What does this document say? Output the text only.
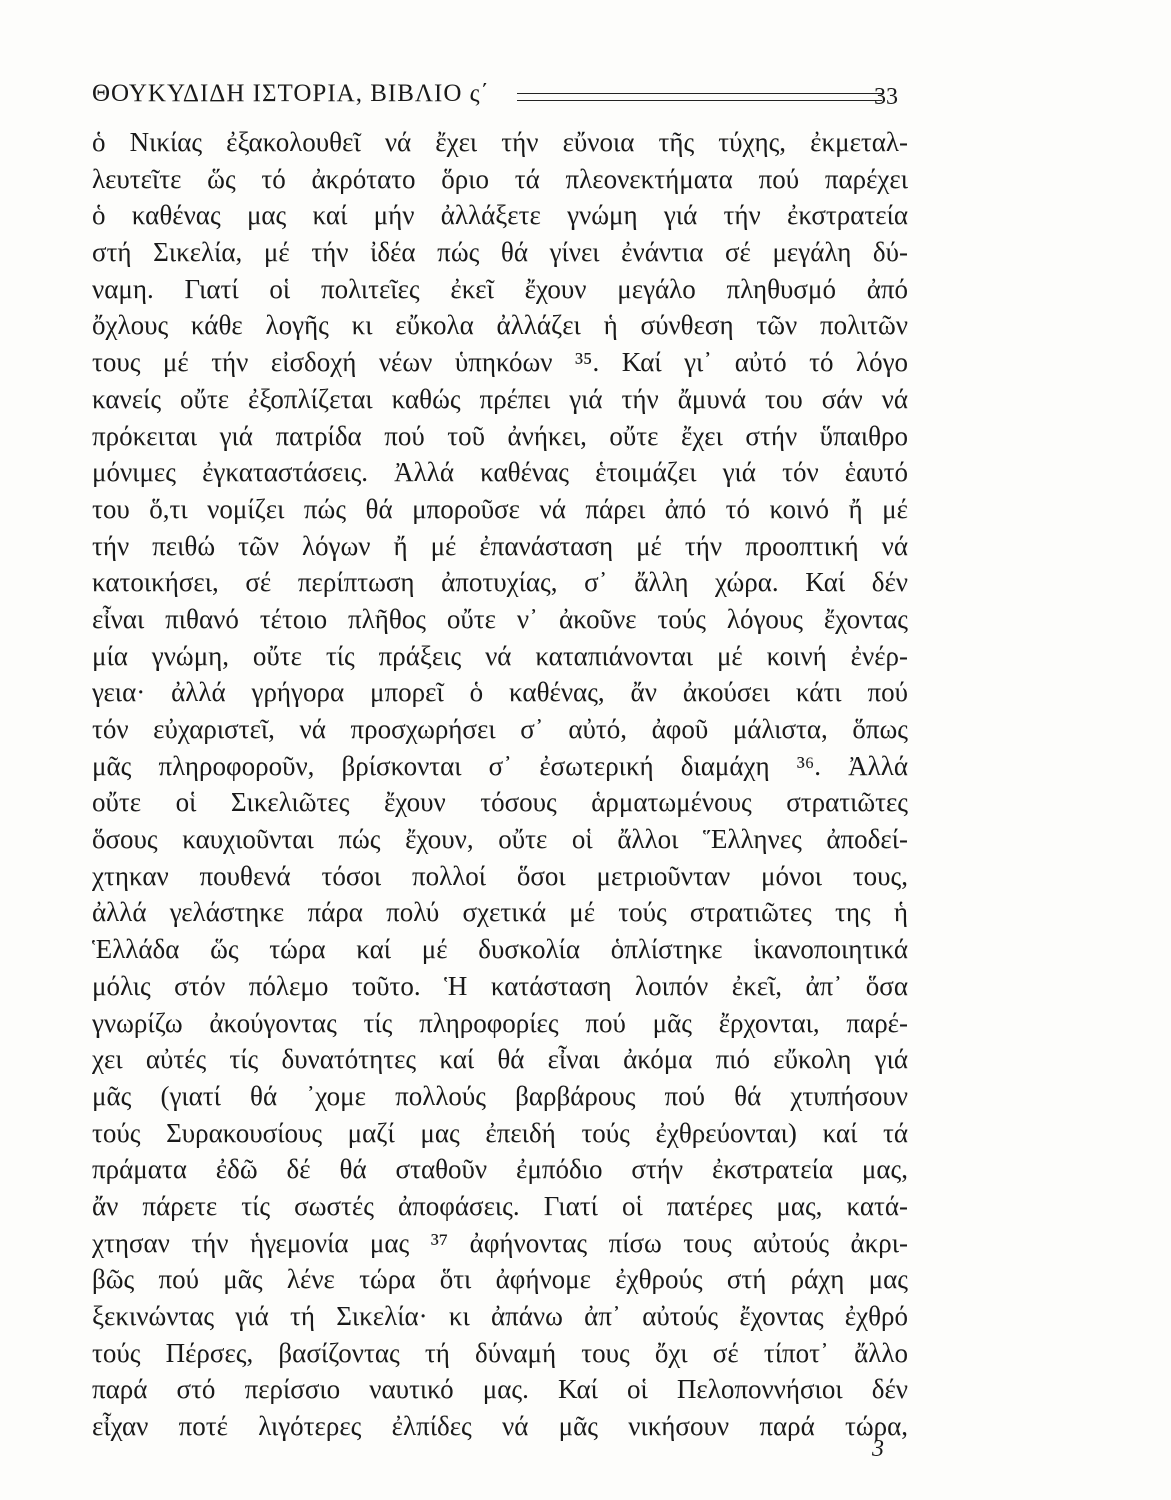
ΘΟΥΚΥΔΙΔΗ ΙΣΤΟΡΙΑ, ΒΙΒΛΙΟ ς΄	33
ὁ Νικίας ἐξακολουθεῖ νά ἔχει τήν εὔνοια τῆς τύχης, ἐκμεταλ-
λευτεῖτε ὥς τό ἀκρότατο ὅριο τά πλεονεκτήματα πού παρέχει
ὁ καθένας μας καί μήν ἀλλάξετε γνώμη γιά τήν ἐκστρατεία
στή Σικελία, μέ τήν ἰδέα πώς θά γίνει ἐνάντια σέ μεγάλη δύ-
ναμη. Γιατί οἱ πολιτεῖες ἐκεῖ ἔχουν μεγάλο πληθυσμό ἀπό
ὄχλους κάθε λογῆς κι εὔκολα ἀλλάζει ἡ σύνθεση τῶν πολιτῶν
τους μέ τήν εἰσδοχή νέων ὑπηκόων ³⁵. Καί γι᾽ αὐτό τό λόγο
κανείς οὔτε ἐξοπλίζεται καθώς πρέπει γιά τήν ἄμυνά του σάν νά
πρόκειται γιά πατρίδα πού τοῦ ἀνήκει, οὔτε ἔχει στήν ὕπαιθρο
μόνιμες ἐγκαταστάσεις. Ἀλλά καθένας ἑτοιμάζει γιά τόν ἑαυτό
του ὅ,τι νομίζει πώς θά μποροῦσε νά πάρει ἀπό τό κοινό ἤ μέ
τήν πειθώ τῶν λόγων ἤ μέ ἐπανάσταση μέ τήν προοπτική νά
κατοικήσει, σέ περίπτωση ἀποτυχίας, σ᾽ ἄλλη χώρα. Καί δέν
εἶναι πιθανό τέτοιο πλῆθος οὔτε ν᾽ ἀκοῦνε τούς λόγους ἔχοντας
μία γνώμη, οὔτε τίς πράξεις νά καταπιάνονται μέ κοινή ἐνέρ-
γεια· ἀλλά γρήγορα μπορεῖ ὁ καθένας, ἄν ἀκούσει κάτι πού
τόν εὐχαριστεῖ, νά προσχωρήσει σ᾽ αὐτό, ἀφοῦ μάλιστα, ὅπως
μᾶς πληροφοροῦν, βρίσκονται σ᾽ ἐσωτερική διαμάχη ³⁶. Ἀλλά
οὔτε οἱ Σικελιῶτες ἔχουν τόσους ἁρματωμένους στρατιῶτες
ὅσους καυχιοῦνται πώς ἔχουν, οὔτε οἱ ἄλλοι Ἕλληνες ἀποδεί-
χτηκαν πουθενά τόσοι πολλοί ὅσοι μετριοῦνταν μόνοι τους,
ἀλλά γελάστηκε πάρα πολύ σχετικά μέ τούς στρατιῶτες της ἡ
Ἑλλάδα ὥς τώρα καί μέ δυσκολία ὁπλίστηκε ἱκανοποιητικά
μόλις στόν πόλεμο τοῦτο. Ἡ κατάσταση λοιπόν ἐκεῖ, ἀπ᾽ ὅσα
γνωρίζω ἀκούγοντας τίς πληροφορίες πού μᾶς ἔρχονται, παρέ-
χει αὐτές τίς δυνατότητες καί θά εἶναι ἀκόμα πιό εὔκολη γιά
μᾶς (γιατί θά ᾽χομε πολλούς βαρβάρους πού θά χτυπήσουν
τούς Συρακουσίους μαζί μας ἐπειδή τούς ἐχθρεύονται) καί τά
πράματα ἐδῶ δέ θά σταθοῦν ἐμπόδιο στήν ἐκστρατεία μας,
ἄν πάρετε τίς σωστές ἀποφάσεις. Γιατί οἱ πατέρες μας, κατά-
χτησαν τήν ἡγεμονία μας ³⁷ ἀφήνοντας πίσω τους αὐτούς ἀκρι-
βῶς πού μᾶς λένε τώρα ὅτι ἀφήνομε ἐχθρούς στή ράχη μας
ξεκινώντας γιά τή Σικελία· κι ἀπάνω ἀπ᾽ αὐτούς ἔχοντας ἐχθρό
τούς Πέρσες, βασίζοντας τή δύναμή τους ὄχι σέ τίποτ᾽ ἄλλο
παρά στό περίσσιο ναυτικό μας. Καί οἱ Πελοποννήσιοι δέν
εἶχαν ποτέ λιγότερες ἐλπίδες νά μᾶς νικήσουν παρά τώρα,
3
